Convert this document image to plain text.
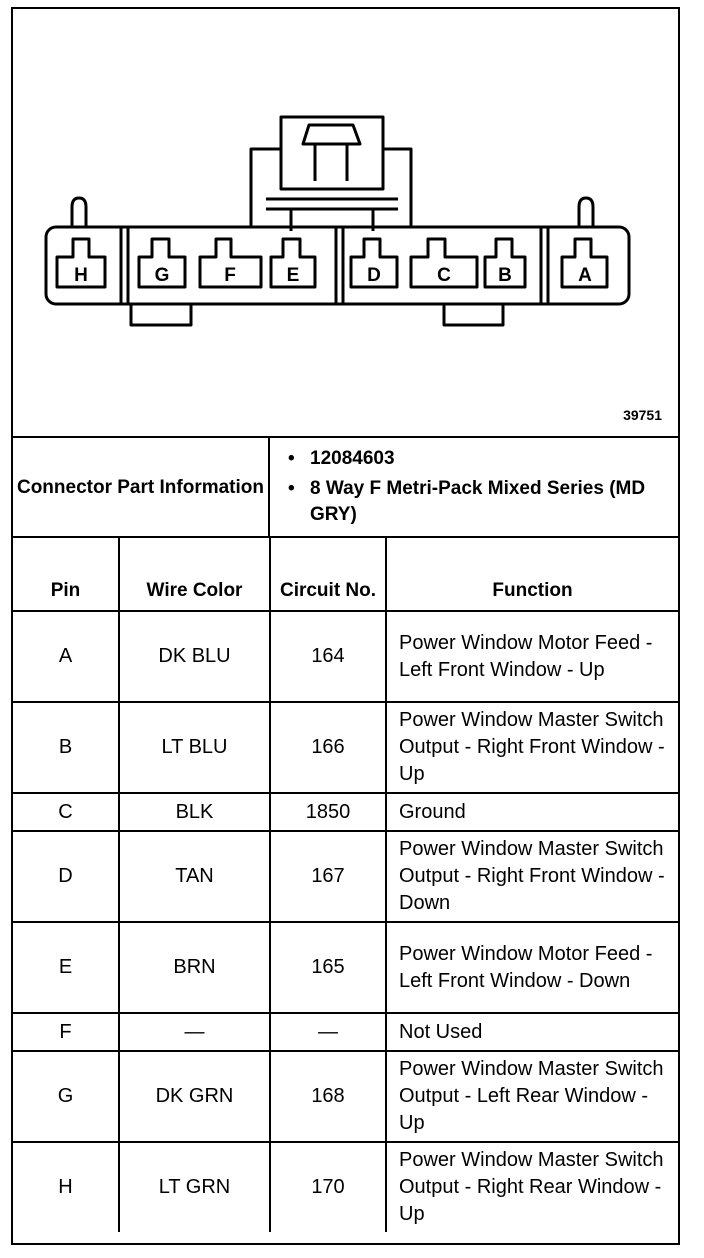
H	G	F	E	D	C B	A
39751
Connector Part Information	
• 12084603
• 8 Way F Metri-Pack Mixed Series (MD GRY)
Pin	Wire Color	Circuit No.	Function
A	DK BLU	164	Power Window Motor Feed - Left Front Window - Up
B	LT BLU	166	Power Window Master Switch Output - Right Front Window - Up
C	BLK	1850	Ground
D	TAN	167	Power Window Master Switch Output - Right Front Window - Down
E	BRN	165	Power Window Motor Feed - Left Front Window - Down
F	—	—	Not Used
G	DK GRN	168	Power Window Master Switch Output - Left Rear Window - Up
H	LT GRN	170	Power Window Master Switch Output - Right Rear Window - Up
